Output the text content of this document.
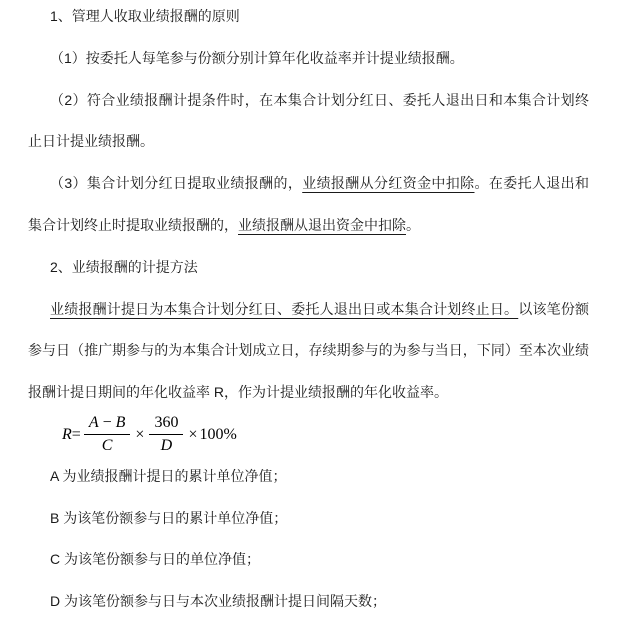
1、管理人收取业绩报酬的原则
（1）按委托人每笔参与份额分别计算年化收益率并计提业绩报酬。
（2）符合业绩报酬计提条件时，在本集合计划分红日、委托人退出日和本集合计划终
止日计提业绩报酬。
（3）集合计划分红日提取业绩报酬的，业绩报酬从分红资金中扣除。在委托人退出和
集合计划终止时提取业绩报酬的，业绩报酬从退出资金中扣除。
2、业绩报酬的计提方法
业绩报酬计提日为本集合计划分红日、委托人退出日或本集合计划终止日。以该笔份额
参与日（推广期参与的为本集合计划成立日，存续期参与的为参与当日，下同）至本次业绩
报酬计提日期间的年化收益率 R，作为计提业绩报酬的年化收益率。
$R = \frac{A - B}{C} \times \frac{360}{D} \times 100\%$
A 为业绩报酬计提日的累计单位净值；
B 为该笔份额参与日的累计单位净值；
C 为该笔份额参与日的单位净值；
D 为该笔份额参与日与本次业绩报酬计提日间隔天数；
